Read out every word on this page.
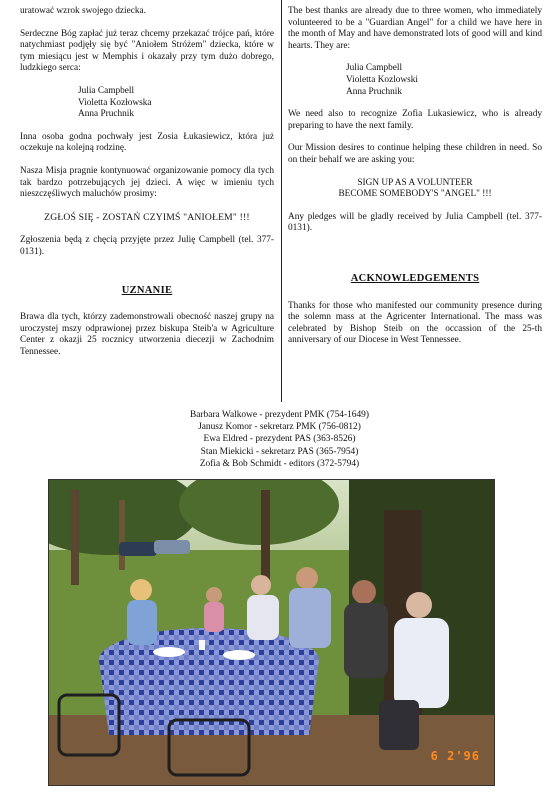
uratować wzrok swojego dziecka.

Serdeczne Bóg zapłać już teraz chcemy przekazać trójce pań, które natychmiast podjęły się być "Aniołem Stróżem" dziecka, które w tym miesiącu jest w Memphis i okazały przy tym dużo dobrego, ludzkiego serca:

Julia Campbell
Violetta Kozłowska
Anna Pruchnik

Inna osoba godna pochwały jest Zosia Łukasiewicz, która już oczekuje na kolejną rodzinę.

Nasza Misja pragnie kontynuować organizowanie pomocy dla tych tak bardzo potrzebujących jej dzieci. A więc w imieniu tych nieszczęśliwych maluchów prosimy:

ZGŁOŚ SIĘ - ZOSTAŃ CZYIMŚ "ANIOŁEM" !!!

Zgłoszenia będą z chęcią przyjęte przez Julię Campbell (tel. 377-0131).

UZNANIE

Brawa dla tych, którzy zademonstrowali obecność naszej grupy na uroczystej mszy odprawionej przez biskupa Steib'a w Agriculture Center z okazji 25 rocznicy utworzenia diecezji w Zachodnim Tennessee.

The best thanks are already due to three women, who immediately volunteered to be a "Guardian Angel" for a child we have here in the month of May and have demonstrated lots of good will and kind hearts. They are:

Julia Campbell
Violetta Kozlowski
Anna Pruchnik

We need also to recognize Zofia Lukasiewicz, who is already preparing to have the next family.

Our Mission desires to continue helping these children in need. So on their behalf we are asking you:

SIGN UP AS A VOLUNTEER
BECOME SOMEBODY'S "ANGEL" !!!

Any pledges will be gladly received by Julia Campbell (tel. 377-0131).

ACKNOWLEDGEMENTS

Thanks for those who manifested our community presence during the solemn mass at the Agricenter International. The mass was celebrated by Bishop Steib on the occassion of the 25-th anniversary of our Diocese in West Tennessee.

Barbara Walkowe - prezydent PMK (754-1649)
Janusz Komor - sekretarz PMK (756-0812)
Ewa Eldred - prezydent PAS (363-8526)
Stan Miekicki - sekretarz PAS (365-7954)
Zofia & Bob Schmidt - editors (372-5794)
6 2'96
